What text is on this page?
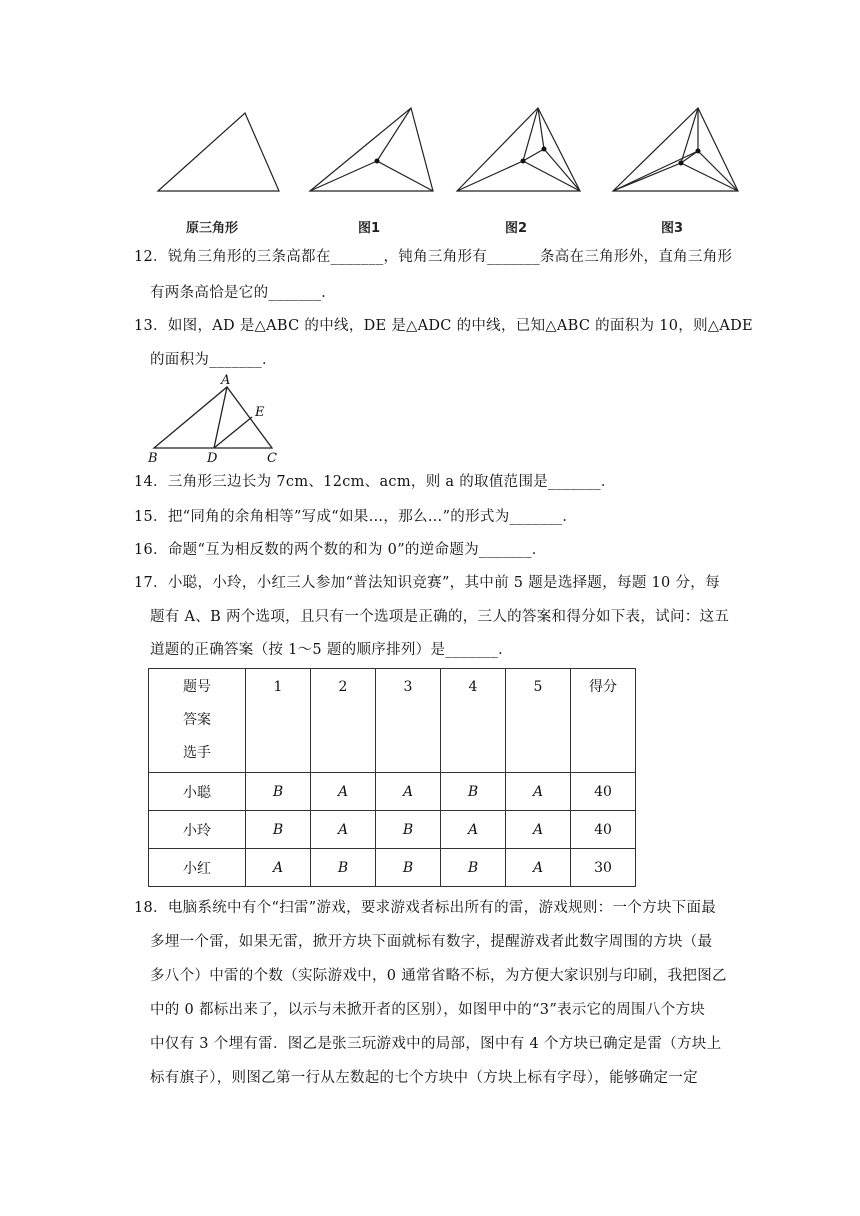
原三角形	图1	图2	图3
12．锐角三角形的三条高都在_______，钝角三角形有_______条高在三角形外，直角三角形
有两条高恰是它的_______．
13．如图，AD 是△ABC 的中线，DE 是△ADC 的中线，已知△ABC 的面积为 10，则△ADE
的面积为_______．
A
B	C
D
E
14．三角形三边长为 7cm、12cm、acm，则 a 的取值范围是_______．
15．把“同角的余角相等”写成“如果…，那么…”的形式为_______．
16．命题“互为相反数的两个数的和为 0”的逆命题为_______．
17．小聪，小玲，小红三人参加“普法知识竞赛”，其中前 5 题是选择题，每题 10 分，每
题有 A、B 两个选项，且只有一个选项是正确的，三人的答案和得分如下表，试问：这五
道题的正确答案（按 1～5 题的顺序排列）是_______．
题号
答案
选手	1	2	3	4	5	得分
小聪	B	A	A	B	A	40
小玲	B	A	B	A	A	40
小红	A	B	B	B	A	30
18．电脑系统中有个“扫雷”游戏，要求游戏者标出所有的雷，游戏规则：一个方块下面最
多埋一个雷，如果无雷，掀开方块下面就标有数字，提醒游戏者此数字周围的方块（最
多八个）中雷的个数（实际游戏中，0 通常省略不标，为方便大家识别与印刷，我把图乙
中的 0 都标出来了，以示与未掀开者的区别），如图甲中的“3”表示它的周围八个方块
中仅有 3 个埋有雷．图乙是张三玩游戏中的局部，图中有 4 个方块已确定是雷（方块上
标有旗子），则图乙第一行从左数起的七个方块中（方块上标有字母），能够确定一定
